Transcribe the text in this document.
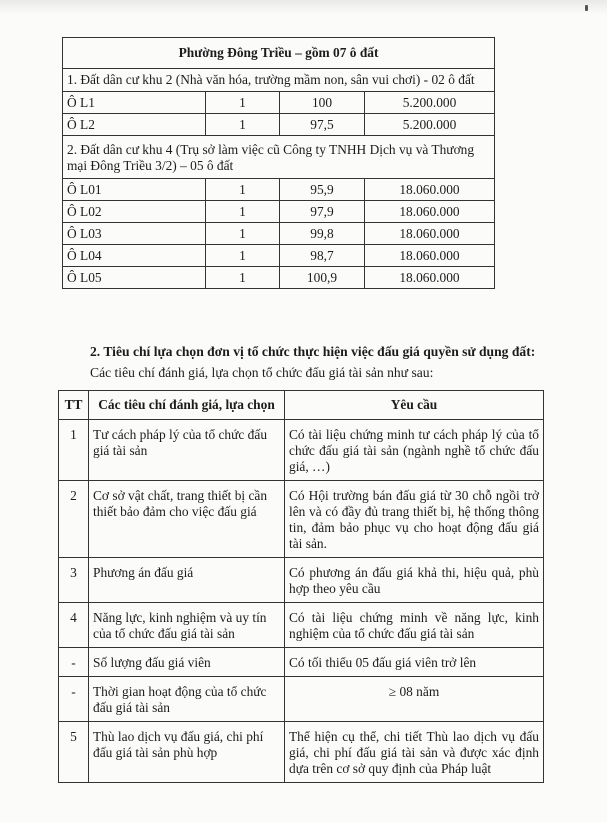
Phường Đông Triều – gồm 07 ô đất			
1. Đất dân cư khu 2 (Nhà văn hóa, trường mầm non, sân vui chơi) - 02 ô đất			
Ô L1	1	100	5.200.000
Ô L2	1	97,5	5.200.000
2. Đất dân cư khu 4 (Trụ sở làm việc cũ Công ty TNHH Dịch vụ và Thương mại Đông Triều 3/2) – 05 ô đất			
Ô L01	1	95,9	18.060.000
Ô L02	1	97,9	18.060.000
Ô L03	1	99,8	18.060.000
Ô L04	1	98,7	18.060.000
Ô L05	1	100,9	18.060.000
2. Tiêu chí lựa chọn đơn vị tổ chức thực hiện việc đấu giá quyền sử dụng đất:
Các tiêu chí đánh giá, lựa chọn tổ chức đấu giá tài sản như sau:
TT	Các tiêu chí đánh giá, lựa chọn	Yêu cầu
1	Tư cách pháp lý của tổ chức đấu giá tài sản	Có tài liệu chứng minh tư cách pháp lý của tổ chức đấu giá tài sản (ngành nghề tổ chức đấu giá, …)
2	Cơ sở vật chất, trang thiết bị cần thiết bảo đảm cho việc đấu giá	Có Hội trường bán đấu giá từ 30 chỗ ngồi trở lên và có đầy đủ trang thiết bị, hệ thống thông tin, đảm bảo phục vụ cho hoạt động đấu giá tài sản.
3	Phương án đấu giá	Có phương án đấu giá khả thi, hiệu quả, phù hợp theo yêu cầu
4	Năng lực, kinh nghiệm và uy tín của tổ chức đấu giá tài sản	Có tài liệu chứng minh về năng lực, kinh nghiệm của tổ chức đấu giá tài sản
-	Số lượng đấu giá viên	Có tối thiểu 05 đấu giá viên trở lên
-	Thời gian hoạt động của tổ chức đấu giá tài sản	≥ 08 năm
5	Thù lao dịch vụ đấu giá, chi phí đấu giá tài sản phù hợp	Thể hiện cụ thể, chi tiết Thù lao dịch vụ đấu giá, chi phí đấu giá tài sản và được xác định dựa trên cơ sở quy định của Pháp luật
